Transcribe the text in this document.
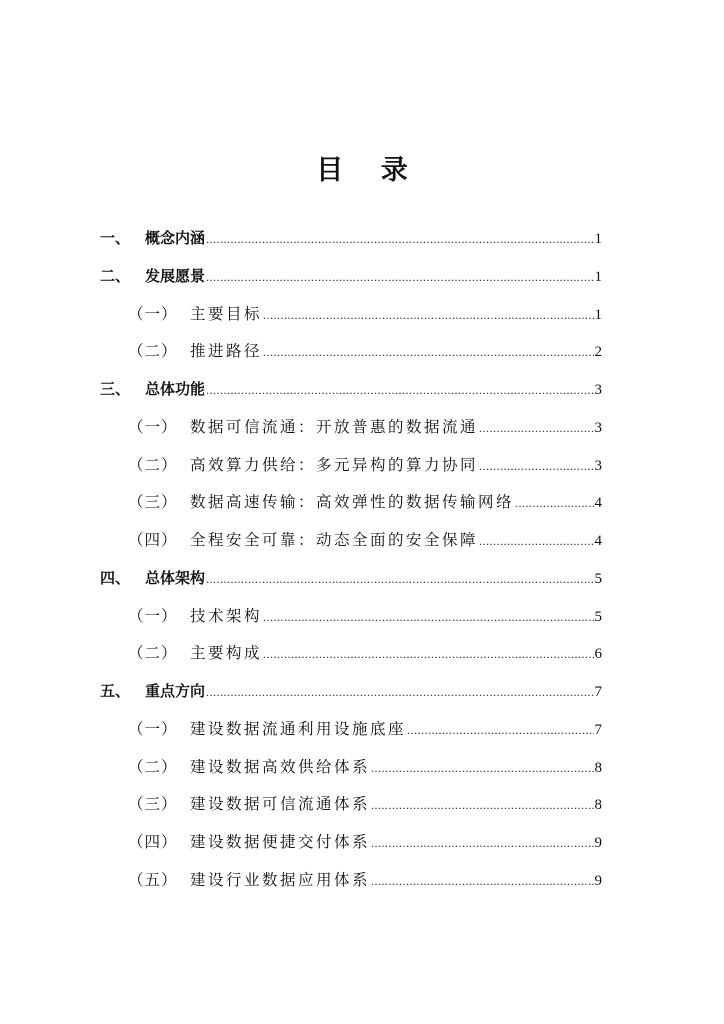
目 录
一、 概念内涵 .....	1
二、 发展愿景 .....	1
（一） 主要目标 .....	1
（二） 推进路径 .....	2
三、 总体功能 .....	3
（一） 数据可信流通：开放普惠的数据流通 .....	3
（二） 高效算力供给：多元异构的算力协同 .....	3
（三） 数据高速传输：高效弹性的数据传输网络 .....	4
（四） 全程安全可靠：动态全面的安全保障 .....	4
四、 总体架构 .....	5
（一） 技术架构 .....	5
（二） 主要构成 .....	6
五、 重点方向 .....	7
（一） 建设数据流通利用设施底座 .....	7
（二） 建设数据高效供给体系 .....	8
（三） 建设数据可信流通体系 .....	8
（四） 建设数据便捷交付体系 .....	9
（五） 建设行业数据应用体系 .....	9
